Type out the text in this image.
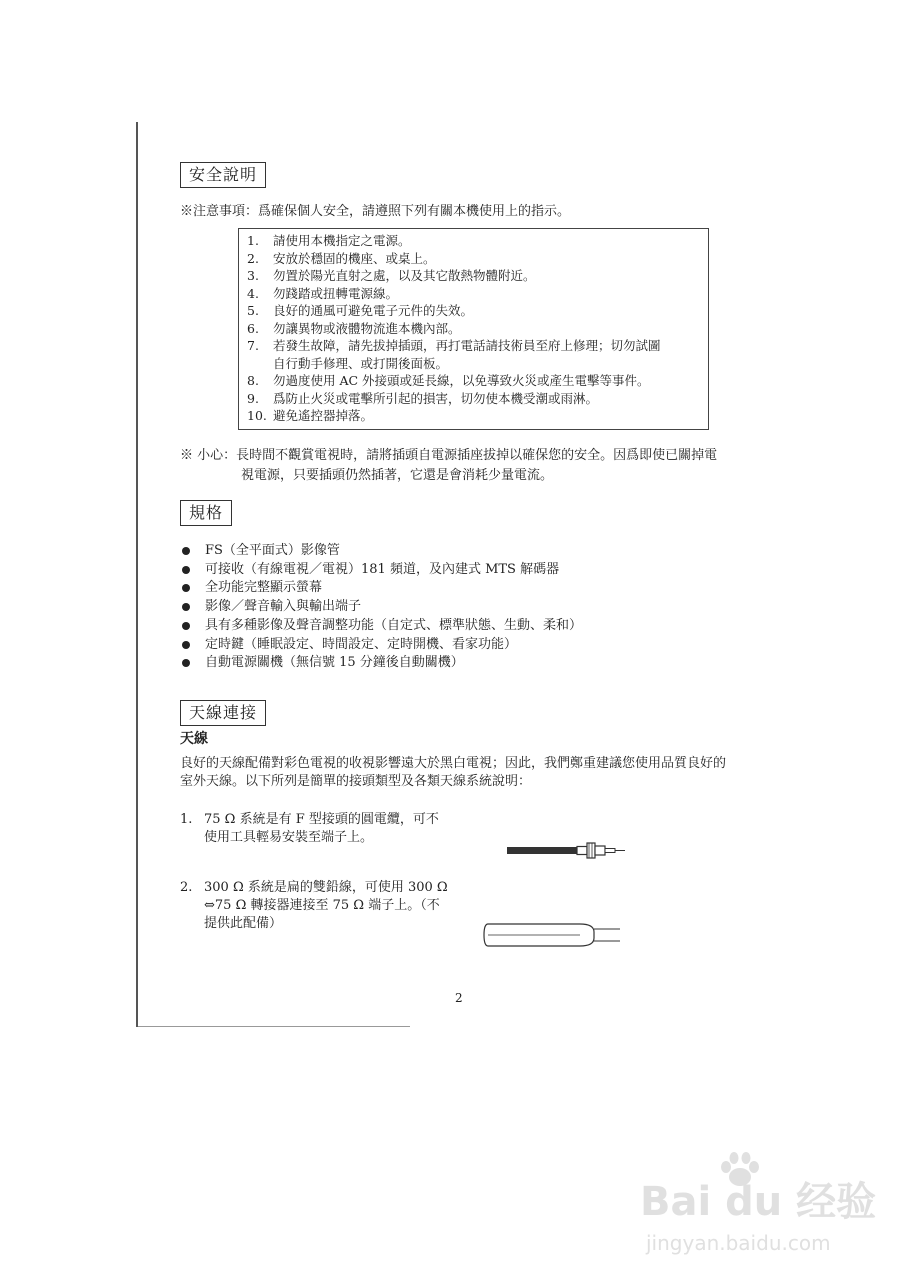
安全說明
※注意事項：爲確保個人安全，請遵照下列有關本機使用上的指示。
1. 請使用本機指定之電源。
2. 安放於穩固的機座、或桌上。
3. 勿置於陽光直射之處，以及其它散熱物體附近。
4. 勿踐踏或扭轉電源線。
5. 良好的通風可避免電子元件的失效。
6. 勿讓異物或液體物流進本機內部。
7. 若發生故障，請先拔掉插頭，再打電話請技術員至府上修理；切勿試圖
自行動手修理、或打開後面板。
8. 勿過度使用 AC 外接頭或延長線，以免導致火災或產生電擊等事件。
9. 爲防止火災或電擊所引起的損害，切勿使本機受潮或雨淋。
10. 避免遙控器掉落。
※ 小心：長時間不觀賞電視時，請將插頭自電源插座拔掉以確保您的安全。因爲即使已關掉電
視電源，只要插頭仍然插著，它還是會消耗少量電流。
規格
FS（全平面式）影像管
可接收（有線電視／電視）181 頻道，及內建式 MTS 解碼器
全功能完整顯示螢幕
影像／聲音輸入與輸出端子
具有多種影像及聲音調整功能（自定式、標準狀態、生動、柔和）
定時鍵（睡眠設定、時間設定、定時開機、看家功能）
自動電源關機（無信號 15 分鐘後自動關機）
天線連接
天線
良好的天線配備對彩色電視的收視影響遠大於黑白電視；因此，我們鄭重建議您使用品質良好的
室外天線。以下所列是簡單的接頭類型及各類天線系統說明：
1. 75 Ω 系統是有 F 型接頭的圓電纜，可不
使用工具輕易安裝至端子上。
2. 300 Ω 系統是扁的雙鉛線，可使用 300 Ω
⇔75 Ω 轉接器連接至 75 Ω 端子上。（不
提供此配備）
2
Bai du 经验
jingyan.baidu.com
